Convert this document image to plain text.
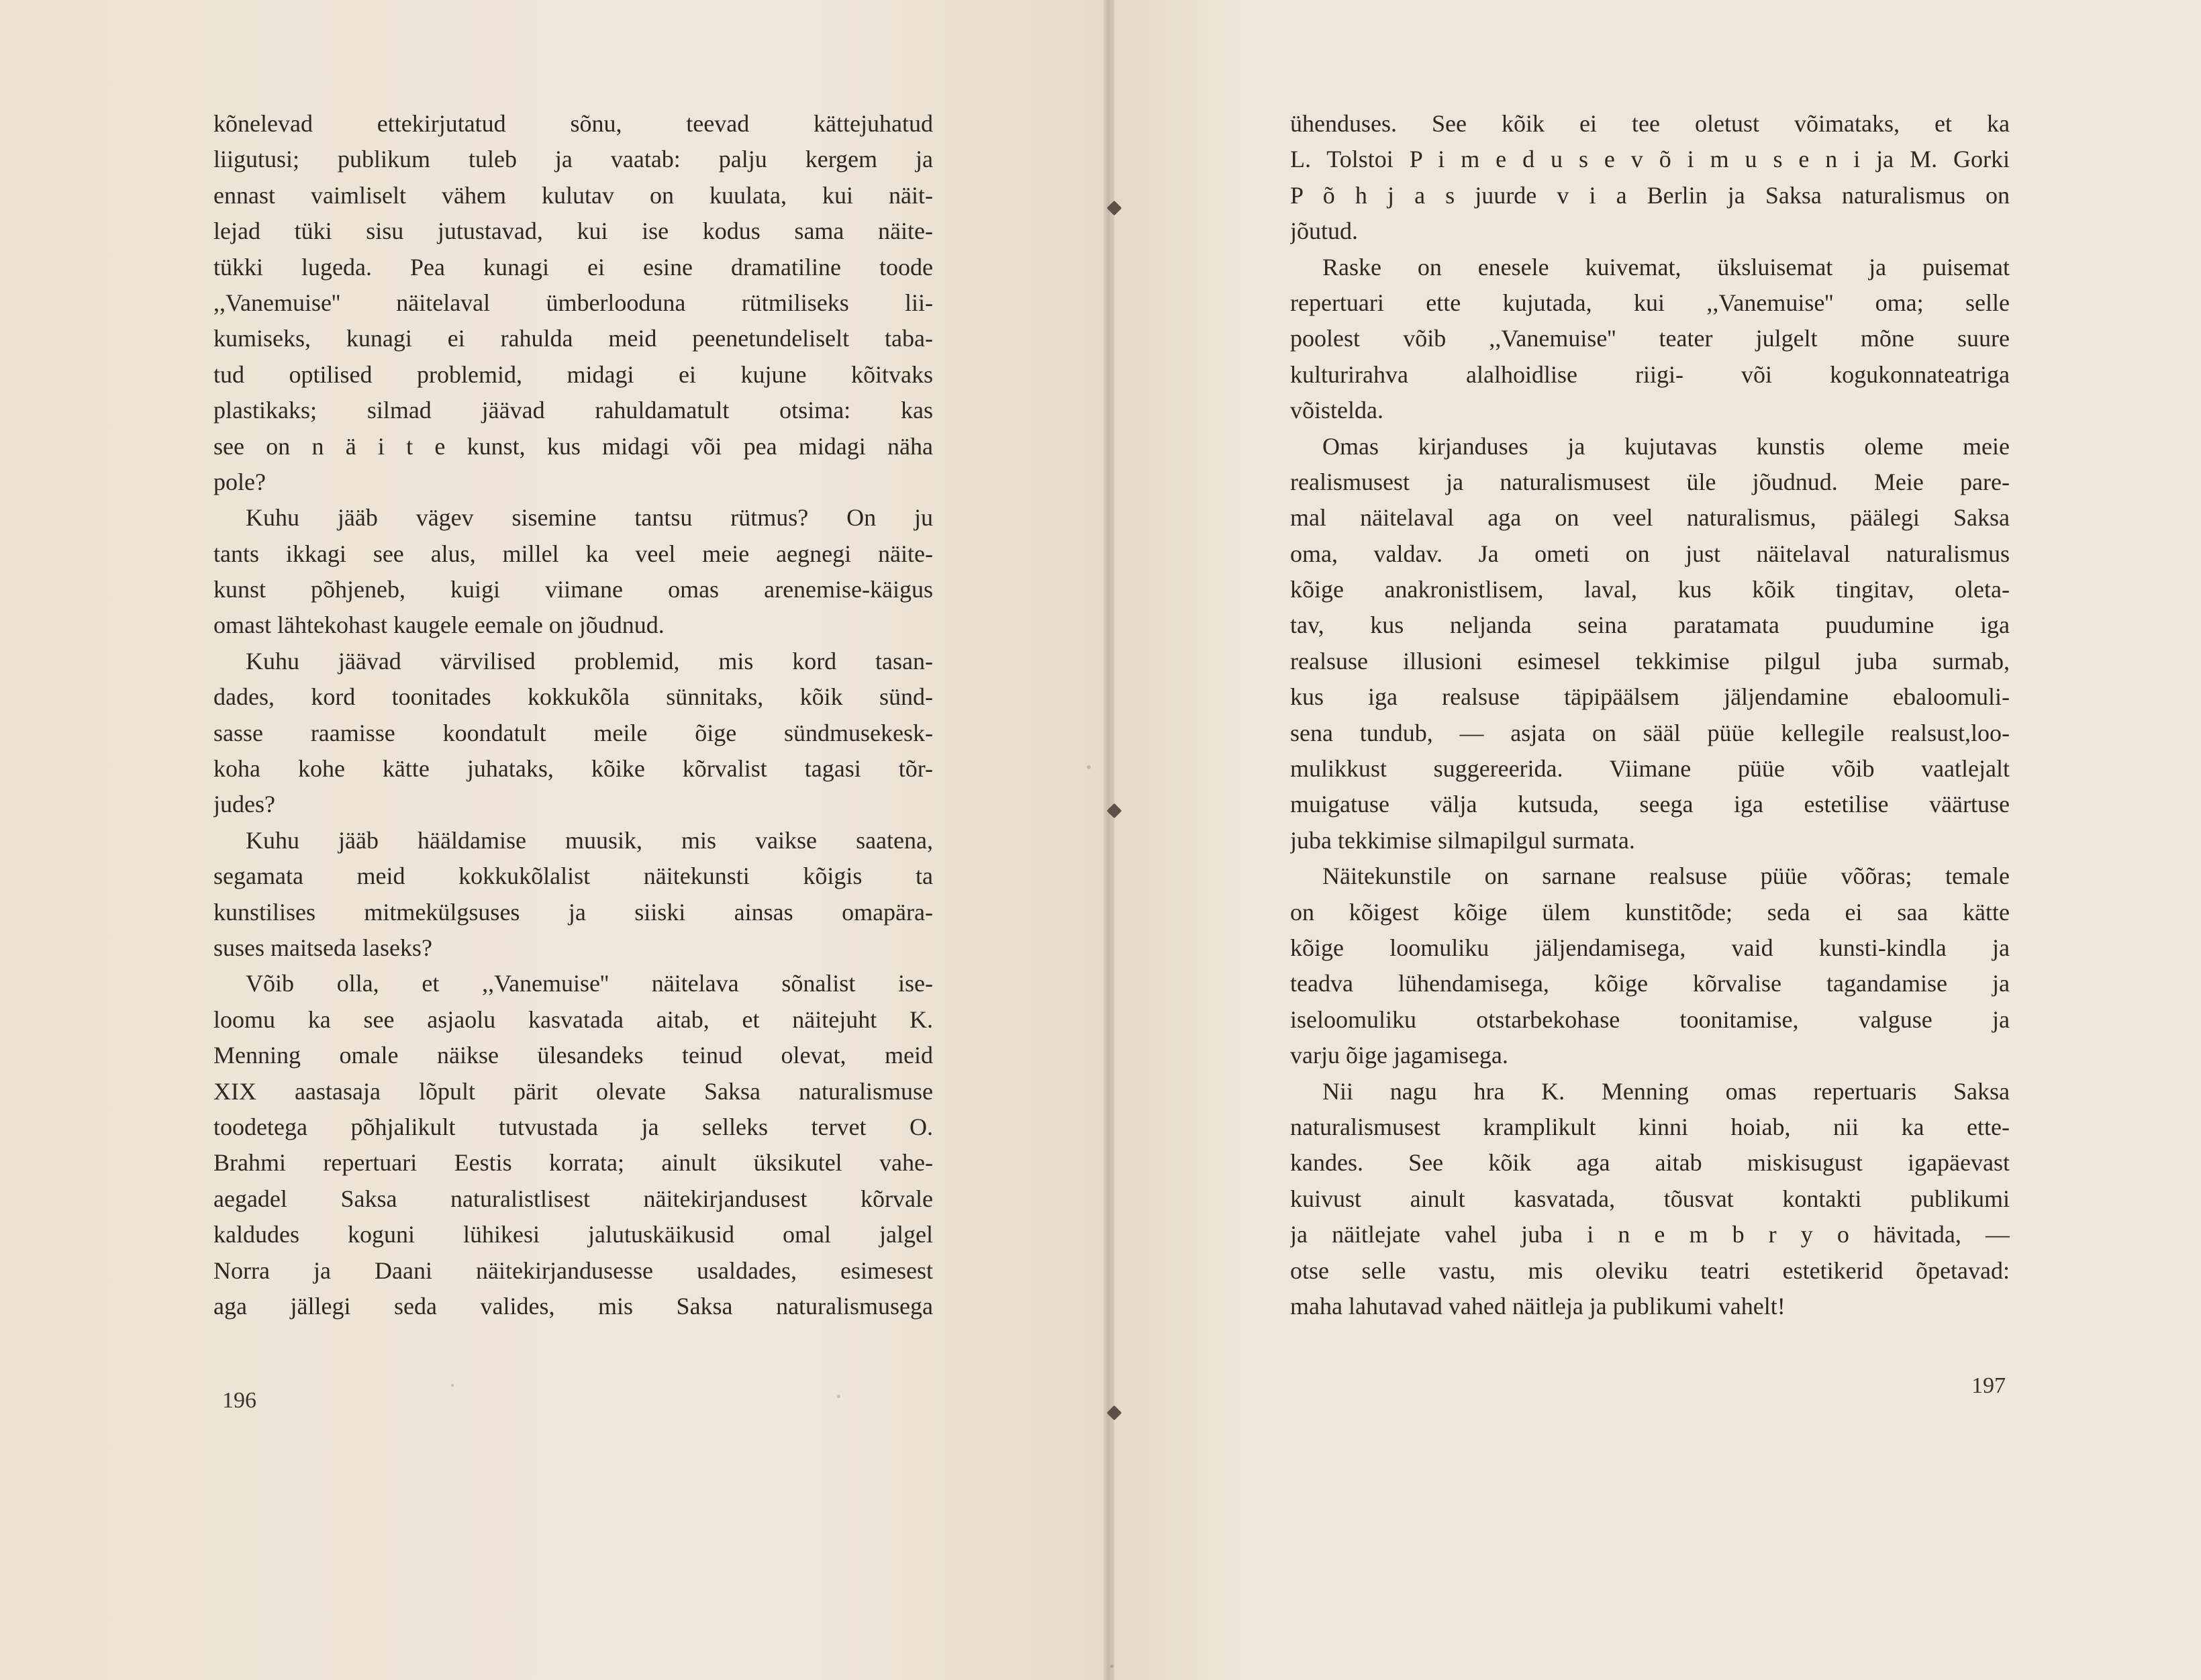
kõnelevad ettekirjutatud sõnu, teevad kättejuhatud
liigutusi; publikum tuleb ja vaatab: palju kergem ja
ennast vaimliselt vähem kulutav on kuulata, kui näit-
lejad tüki sisu jutustavad, kui ise kodus sama näite-
tükki lugeda. Pea kunagi ei esine dramatiline toode
,,Vanemuise'' näitelaval ümberlooduna rütmiliseks lii-
kumiseks, kunagi ei rahulda meid peenetundeliselt taba-
tud optilised problemid, midagi ei kujune kõitvaks
plastikaks; silmad jäävad rahuldamatult otsima: kas
see on n ä i t e kunst, kus midagi või pea midagi näha
pole?
Kuhu jääb vägev sisemine tantsu rütmus? On ju
tants ikkagi see alus, millel ka veel meie aegnegi näite-
kunst põhjeneb, kuigi viimane omas arenemise-käigus
omast lähtekohast kaugele eemale on jõudnud.
Kuhu jäävad värvilised problemid, mis kord tasan-
dades, kord toonitades kokkukõla sünnitaks, kõik sünd-
sasse raamisse koondatult meile õige sündmusekesk-
koha kohe kätte juhataks, kõike kõrvalist tagasi tõr-
judes?
Kuhu jääb hääldamise muusik, mis vaikse saatena,
segamata meid kokkukõlalist näitekunsti kõigis ta
kunstilises mitmekülgsuses ja siiski ainsas omapära-
suses maitseda laseks?
Võib olla, et ,,Vanemuise'' näitelava sõnalist ise-
loomu ka see asjaolu kasvatada aitab, et näitejuht K.
Menning omale näikse ülesandeks teinud olevat, meid
XIX aastasaja lõpult pärit olevate Saksa naturalismuse
toodetega põhjalikult tutvustada ja selleks tervet O.
Brahmi repertuari Eestis korrata; ainult üksikutel vahe-
aegadel Saksa naturalistlisest näitekirjandusest kõrvale
kaldudes koguni lühikesi jalutuskäikusid omal jalgel
Norra ja Daani näitekirjandusesse usaldades, esimesest
aga jällegi seda valides, mis Saksa naturalismusega
ühenduses. See kõik ei tee oletust võimataks, et ka
L. Tolstoi P i m e d u s e v õ i m u s e n i ja M. Gorki
P õ h j a s juurde v i a Berlin ja Saksa naturalismus on
jõutud.
Raske on enesele kuivemat, üksluisemat ja puisemat
repertuari ette kujutada, kui ,,Vanemuise'' oma; selle
poolest võib ,,Vanemuise'' teater julgelt mõne suure
kulturirahva alalhoidlise riigi- või kogukonnateatriga
võistelda.
Omas kirjanduses ja kujutavas kunstis oleme meie
realismusest ja naturalismusest üle jõudnud. Meie pare-
mal näitelaval aga on veel naturalismus, päälegi Saksa
oma, valdav. Ja ometi on just näitelaval naturalismus
kõige anakronistlisem, laval, kus kõik tingitav, oleta-
tav, kus neljanda seina paratamata puudumine iga
realsuse illusioni esimesel tekkimise pilgul juba surmab,
kus iga realsuse täpipäälsem jäljendamine ebaloomuli-
sena tundub, — asjata on sääl püüe kellegile realsust,loo-
mulikkust suggereerida. Viimane püüe võib vaatlejalt
muigatuse välja kutsuda, seega iga estetilise väärtuse
juba tekkimise silmapilgul surmata.
Näitekunstile on sarnane realsuse püüe võõras; temale
on kõigest kõige ülem kunstitõde; seda ei saa kätte
kõige loomuliku jäljendamisega, vaid kunsti-kindla ja
teadva lühendamisega, kõige kõrvalise tagandamise ja
iseloomuliku otstarbekohase toonitamise, valguse ja
varju õige jagamisega.
Nii nagu hra K. Menning omas repertuaris Saksa
naturalismusest kramplikult kinni hoiab, nii ka ette-
kandes. See kõik aga aitab miskisugust igapäevast
kuivust ainult kasvatada, tõusvat kontakti publikumi
ja näitlejate vahel juba i n e m b r y o hävitada, —
otse selle vastu, mis oleviku teatri estetikerid õpetavad:
maha lahutavad vahed näitleja ja publikumi vahelt!
196
197
